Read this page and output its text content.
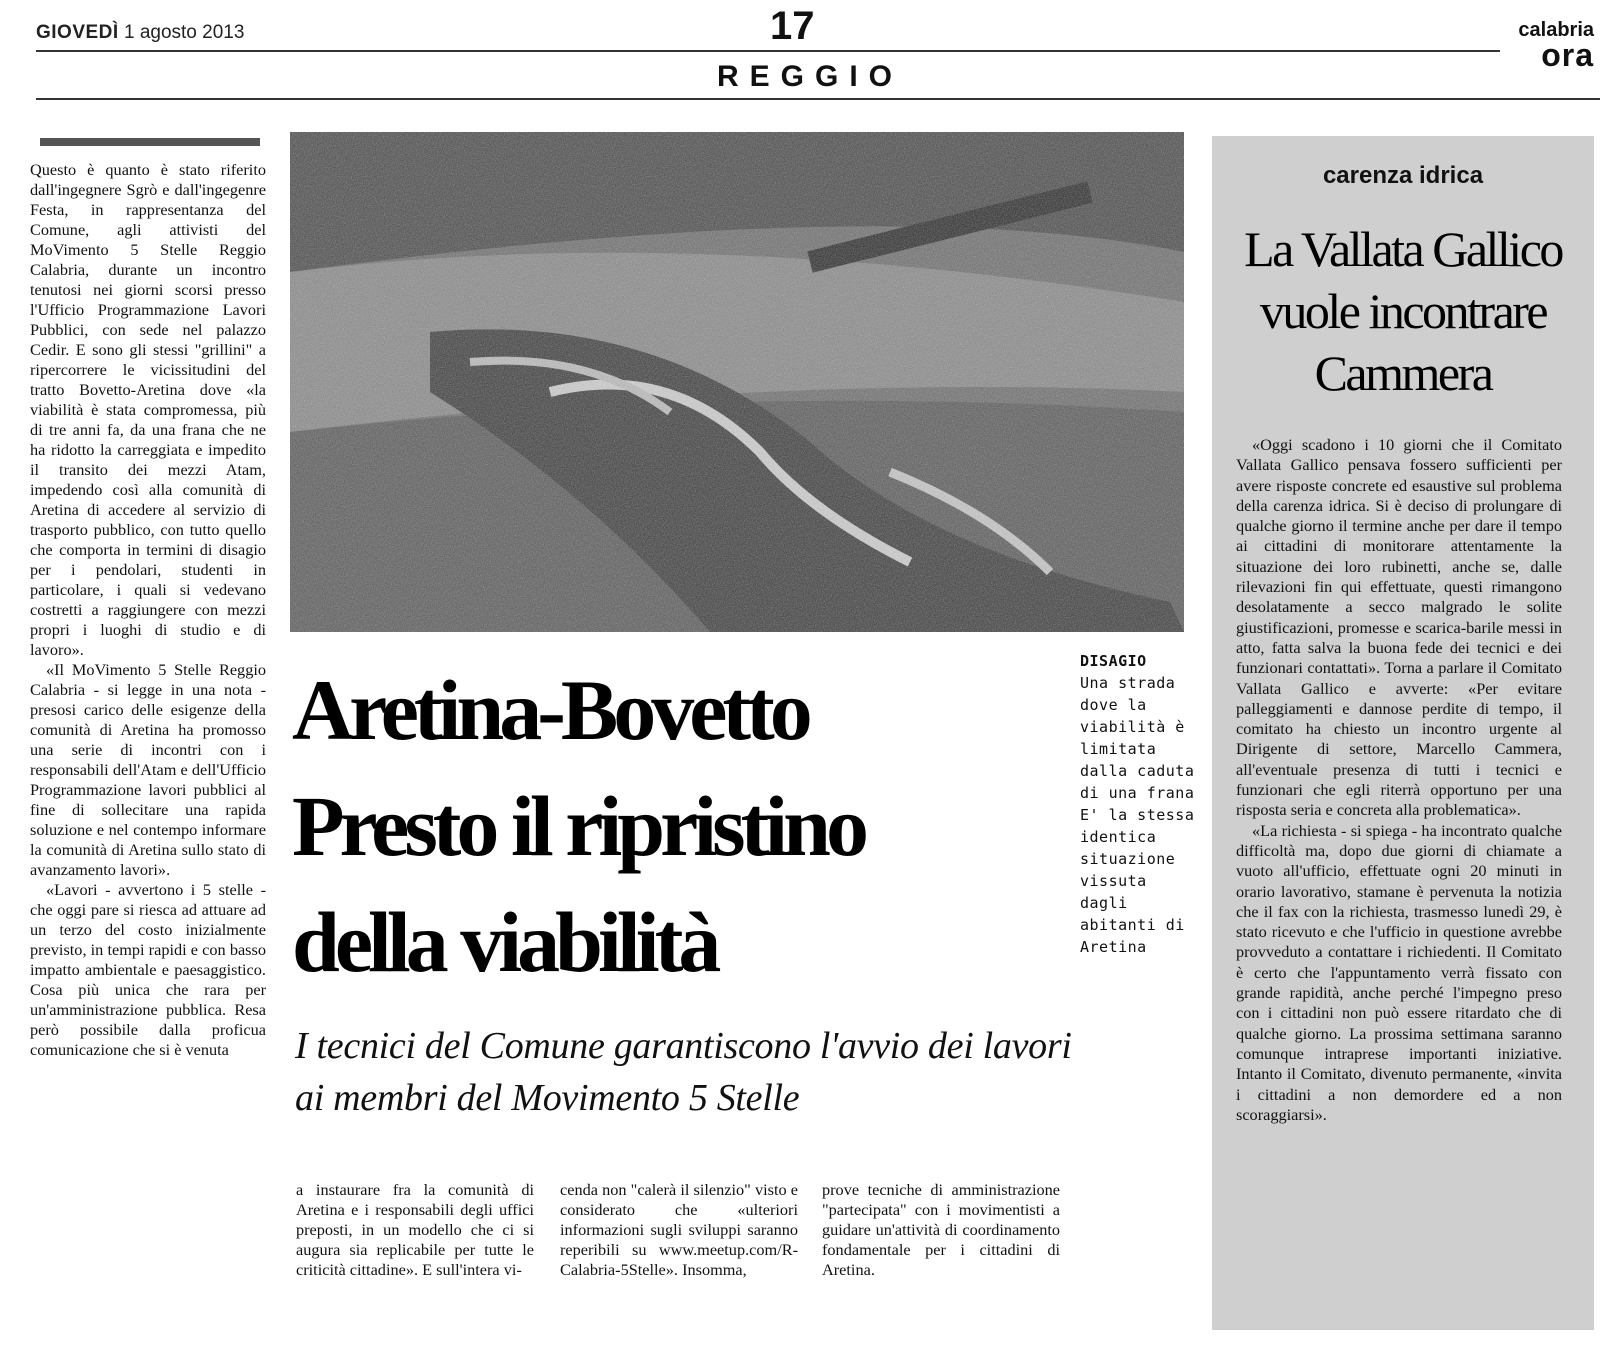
GIOVEDÌ 1 agosto 2013	17	calabria
ora
REGGIO

Questo è quanto è stato riferito dall'ingegnere Sgrò e dall'ingegenre Festa, in rappresentanza del Comune, agli attivisti del MoVimento 5 Stelle Reggio Calabria, durante un incontro tenutosi nei giorni scorsi presso l'Ufficio Programmazione Lavori Pubblici, con sede nel palazzo Cedir. E sono gli stessi "grillini" a ripercorrere le vicissitudini del tratto Bovetto-Aretina dove «la viabilità è stata compromessa, più di tre anni fa, da una frana che ne ha ridotto la carreggiata e impedito il transito dei mezzi Atam, impedendo così alla comunità di Aretina di accedere al servizio di trasporto pubblico, con tutto quello che comporta in termini di disagio per i pendolari, studenti in particolare, i quali si vedevano costretti a raggiungere con mezzi propri i luoghi di studio e di lavoro».

«Il MoVimento 5 Stelle Reggio Calabria - si legge in una nota - presosi carico delle esigenze della comunità di Aretina ha promosso una serie di incontri con i responsabili dell'Atam e dell'Ufficio Programmazione lavori pubblici al fine di sollecitare una rapida soluzione e nel contempo informare la comunità di Aretina sullo stato di avanzamento lavori».

«Lavori - avvertono i 5 stelle - che oggi pare si riesca ad attuare ad un terzo del costo inizialmente previsto, in tempi rapidi e con basso impatto ambientale e paesaggistico. Cosa più unica che rara per un'amministrazione pubblica. Resa però possibile dalla proficua comunicazione che si è venuta

DISAGIO
Una strada dove la viabilità è limitata dalla caduta di una frana E' la stessa identica situazione vissuta dagli abitanti di Aretina
Aretina-Bovetto
Presto il ripristino
della viabilità
I tecnici del Comune garantiscono l'avvio dei lavori ai membri del Movimento 5 Stelle

a instaurare fra la comunità di Aretina e i responsabili degli uffici preposti, in un modello che ci si augura sia replicabile per tutte le criticità cittadine». E sull'intera vi-

cenda non "calerà il silenzio" visto e considerato che «ulteriori informazioni sugli sviluppi saranno reperibili su www.meetup.com/R-Calabria-5Stelle». Insomma,

prove tecniche di amministrazione "partecipata" con i movimentisti a guidare un'attività di coordinamento fondamentale per i cittadini di Aretina.

carenza idrica
La Vallata Gallico
vuole incontrare
Cammera

«Oggi scadono i 10 giorni che il Comitato Vallata Gallico pensava fossero sufficienti per avere risposte concrete ed esaustive sul problema della carenza idrica. Si è deciso di prolungare di qualche giorno il termine anche per dare il tempo ai cittadini di monitorare attentamente la situazione dei loro rubinetti, anche se, dalle rilevazioni fin qui effettuate, questi rimangono desolatamente a secco malgrado le solite giustificazioni, promesse e scarica-barile messi in atto, fatta salva la buona fede dei tecnici e dei funzionari contattati». Torna a parlare il Comitato Vallata Gallico e avverte: «Per evitare palleggiamenti e dannose perdite di tempo, il comitato ha chiesto un incontro urgente al Dirigente di settore, Marcello Cammera, all'eventuale presenza di tutti i tecnici e funzionari che egli riterrà opportuno per una risposta seria e concreta alla problematica».

«La richiesta - si spiega - ha incontrato qualche difficoltà ma, dopo due giorni di chiamate a vuoto all'ufficio, effettuate ogni 20 minuti in orario lavorativo, stamane è pervenuta la notizia che il fax con la richiesta, trasmesso lunedì 29, è stato ricevuto e che l'ufficio in questione avrebbe provveduto a contattare i richiedenti. Il Comitato è certo che l'appuntamento verrà fissato con grande rapidità, anche perché l'impegno preso con i cittadini non può essere ritardato che di qualche giorno. La prossima settimana saranno comunque intraprese importanti iniziative. Intanto il Comitato, divenuto permanente, «invita i cittadini a non demordere ed a non scoraggiarsi».
